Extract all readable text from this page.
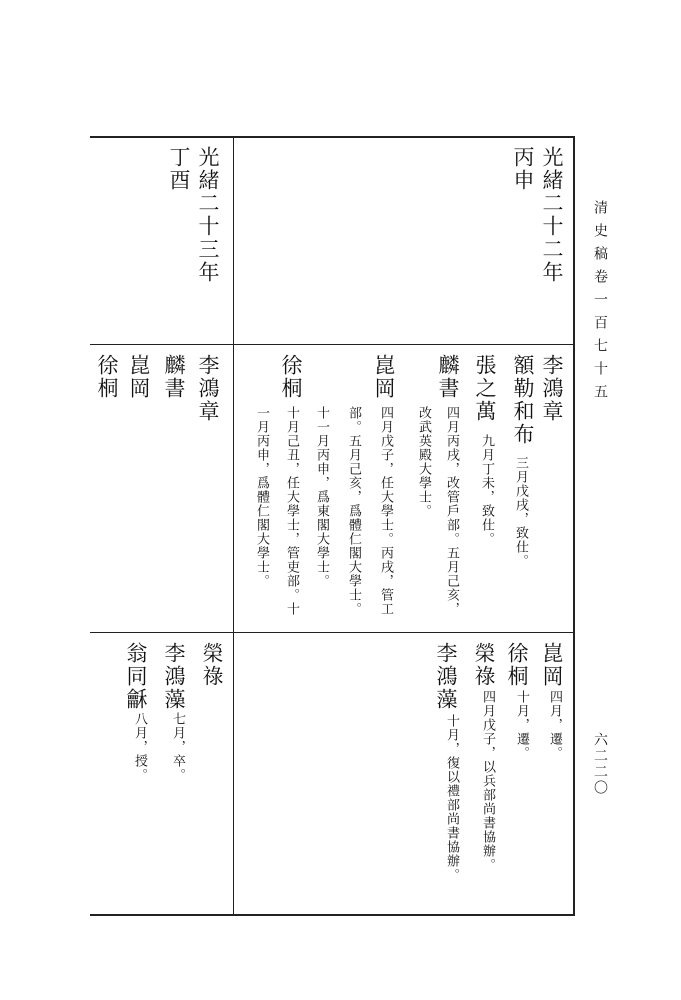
清史稿卷一百七十五
六二二〇
光緒二十二年
丙申
光緒二十三年
丁酉
李鴻章
額勒和布
三月戊戌，致仕。
張之萬
九月丁未，致仕。
麟書
四月丙戌，改管戶部。五月己亥，
改武英殿大學士。
崑岡
四月戊子，任大學士。丙戌，管工
部。五月己亥，爲體仁閣大學士。
十一月丙申，爲東閣大學士。
徐桐
十月己丑，任大學士，管吏部。十
一月丙申，爲體仁閣大學士。
崑岡
四月，遷。
徐桐
十月，遷。
榮祿
四月戊子，以兵部尚書協辦。
李鴻藻
十月，復以禮部尚書協辦。
李鴻章
麟書
崑岡
徐桐
榮祿
李鴻藻
七月，卒。
翁同龢
八月，授。
